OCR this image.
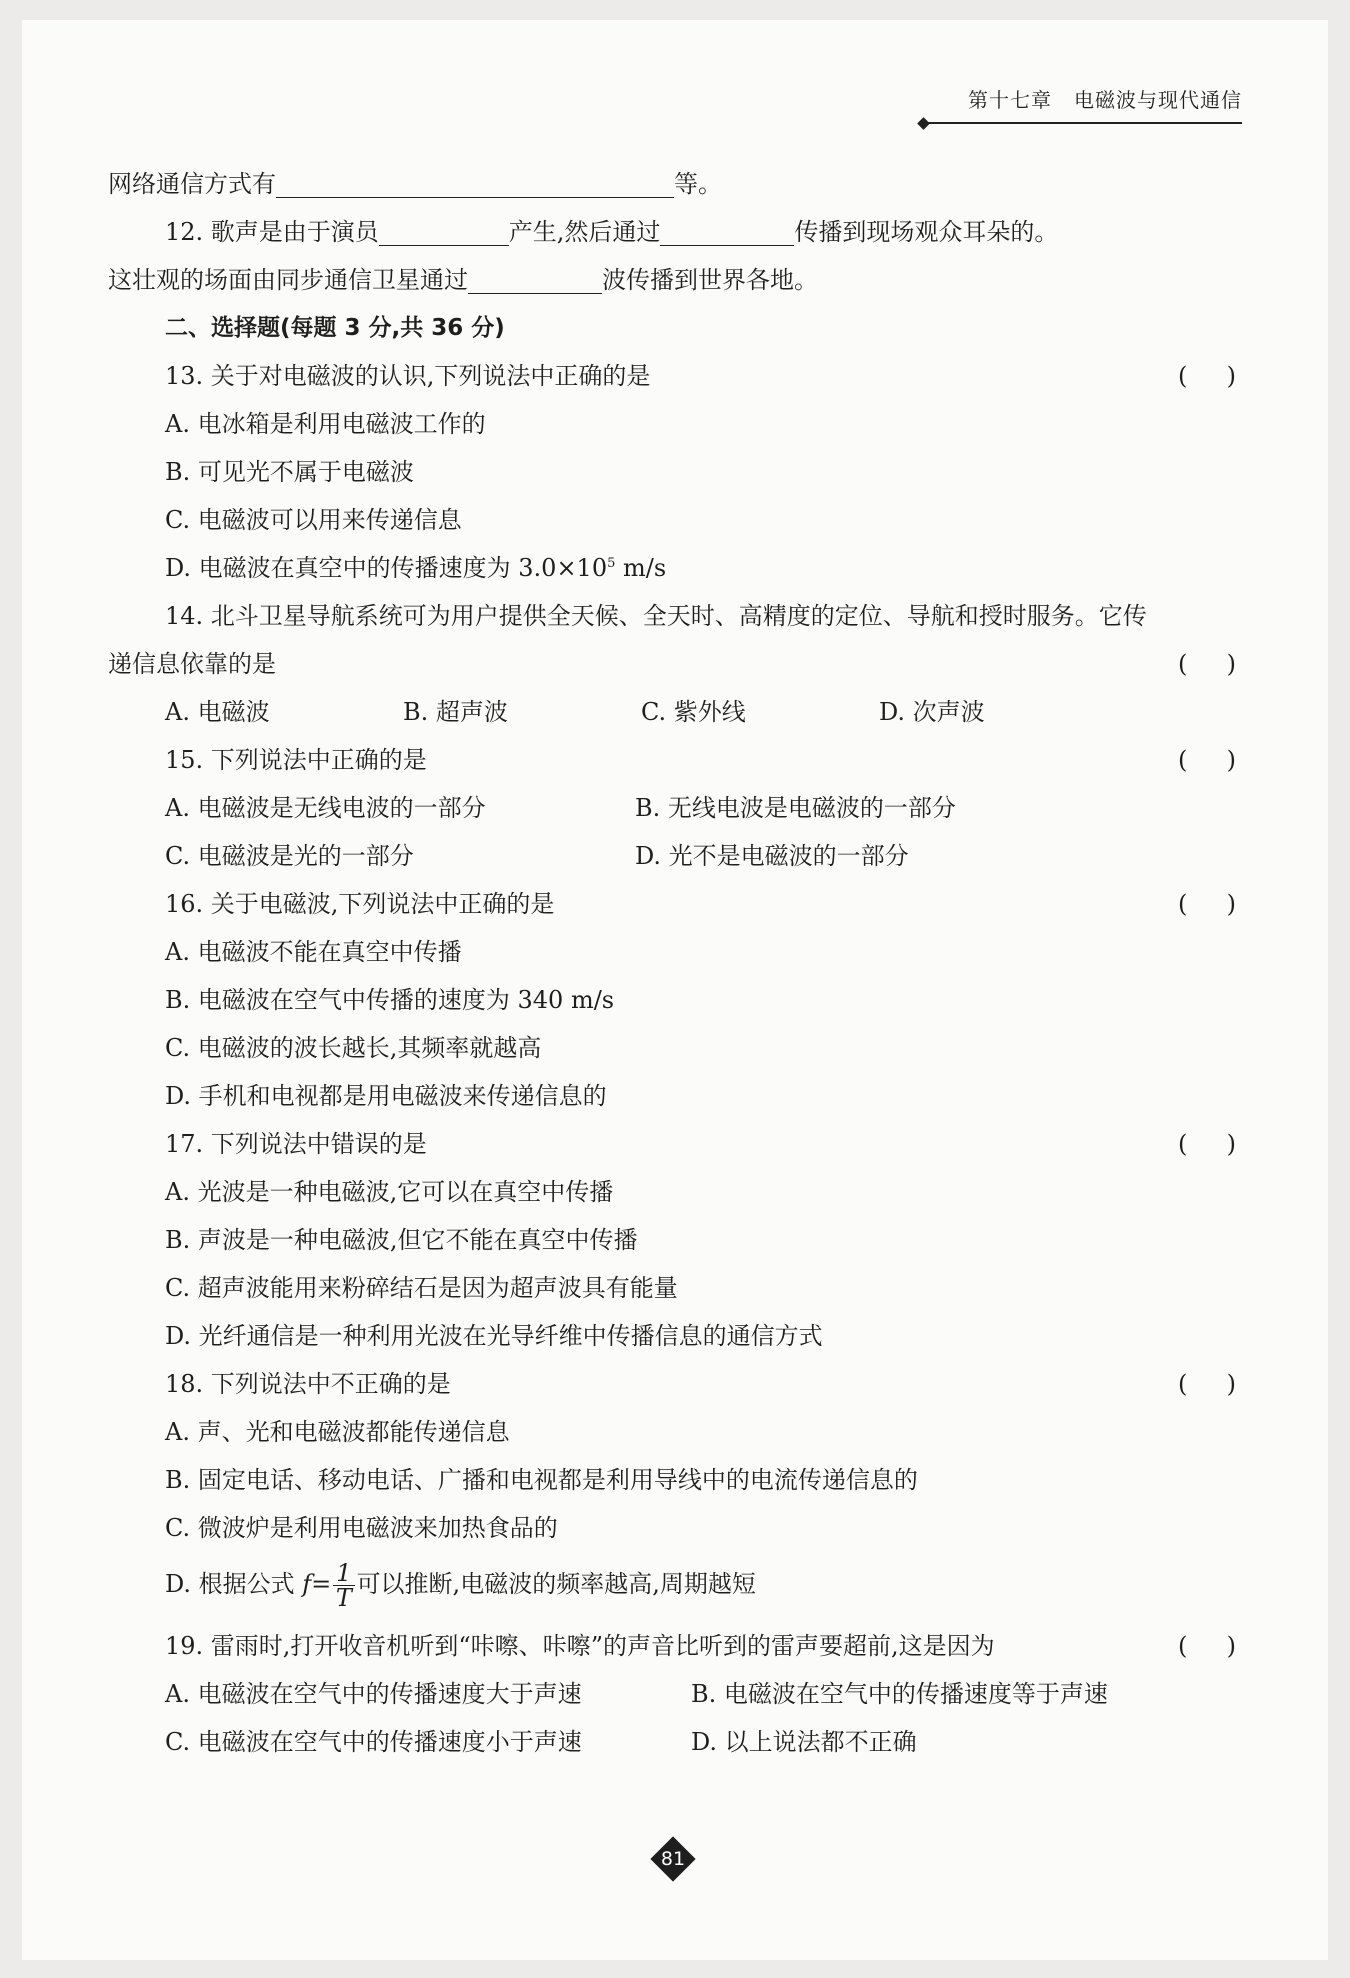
第十七章 电磁波与现代通信
网络通信方式有	等。
12. 歌声是由于演员	产生,然后通过	传播到现场观众耳朵的。
这壮观的场面由同步通信卫星通过	波传播到世界各地。
二、选择题(每题 3 分,共 36 分)
13. 关于对电磁波的认识,下列说法中正确的是	( )
A. 电冰箱是利用电磁波工作的
B. 可见光不属于电磁波
C. 电磁波可以用来传递信息
D. 电磁波在真空中的传播速度为 $3.0\times 10^5$ m/s
14. 北斗卫星导航系统可为用户提供全天候、全天时、高精度的定位、导航和授时服务。它传
递信息依靠的是	( )
A. 电磁波	B. 超声波	C. 紫外线	D. 次声波
15. 下列说法中正确的是	( )
A. 电磁波是无线电波的一部分	B. 无线电波是电磁波的一部分
C. 电磁波是光的一部分	D. 光不是电磁波的一部分
16. 关于电磁波,下列说法中正确的是	( )
A. 电磁波不能在真空中传播
B. 电磁波在空气中传播的速度为 340 m/s
C. 电磁波的波长越长,其频率就越高
D. 手机和电视都是用电磁波来传递信息的
17. 下列说法中错误的是	( )
A. 光波是一种电磁波,它可以在真空中传播
B. 声波是一种电磁波,但它不能在真空中传播
C. 超声波能用来粉碎结石是因为超声波具有能量
D. 光纤通信是一种利用光波在光导纤维中传播信息的通信方式
18. 下列说法中不正确的是	( )
A. 声、光和电磁波都能传递信息
B. 固定电话、移动电话、广播和电视都是利用导线中的电流传递信息的
C. 微波炉是利用电磁波来加热食品的
D. 根据公式 $f= \frac{1}{T}$ 可以推断,电磁波的频率越高,周期越短
19. 雷雨时,打开收音机听到“咔嚓、咔嚓”的声音比听到的雷声要超前,这是因为	( )
A. 电磁波在空气中的传播速度大于声速	B. 电磁波在空气中的传播速度等于声速
C. 电磁波在空气中的传播速度小于声速	D. 以上说法都不正确
81
